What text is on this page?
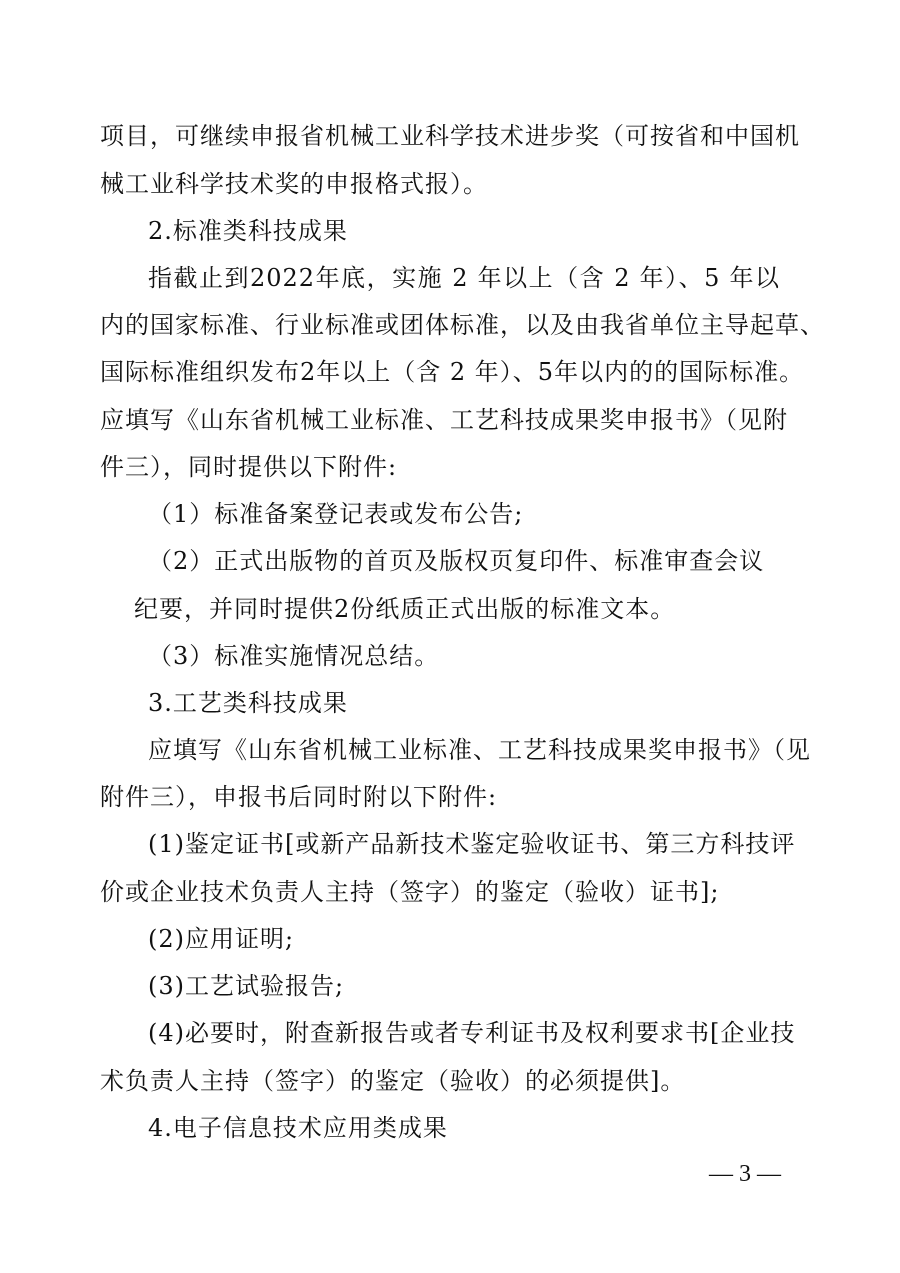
项目，可继续申报省机械工业科学技术进步奖（可按省和中国机
械工业科学技术奖的申报格式报）。
2.标准类科技成果
指截止到2022年底，实施 2 年以上（含 2 年）、5 年以
内的国家标准、行业标准或团体标准，以及由我省单位主导起草、
国际标准组织发布2年以上（含 2 年）、5年以内的的国际标准。
应填写《山东省机械工业标准、工艺科技成果奖申报书》（见附
件三），同时提供以下附件:
（1）标准备案登记表或发布公告;
（2）正式出版物的首页及版权页复印件、标准审查会议
纪要，并同时提供2份纸质正式出版的标准文本。
（3）标准实施情况总结。
3.工艺类科技成果
应填写《山东省机械工业标准、工艺科技成果奖申报书》（见
附件三），申报书后同时附以下附件:
(1)鉴定证书[或新产品新技术鉴定验收证书、第三方科技评
价或企业技术负责人主持（签字）的鉴定（验收）证书];
(2)应用证明;
(3)工艺试验报告;
(4)必要时，附查新报告或者专利证书及权利要求书[企业技
术负责人主持（签字）的鉴定（验收）的必须提供]。
4.电子信息技术应用类成果
— 3 —
